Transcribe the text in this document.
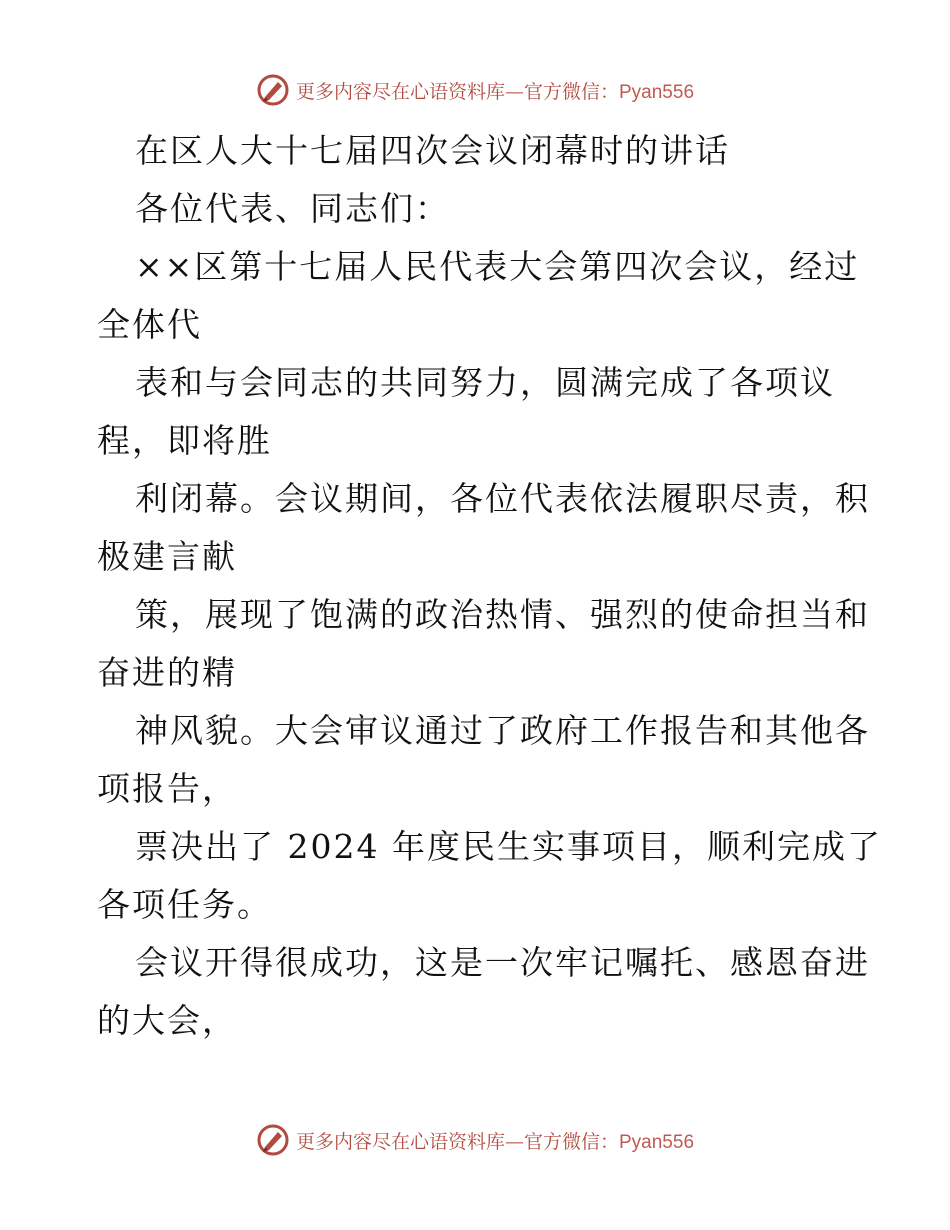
更多内容尽在心语资料库—官方微信：Pyan556
在区人大十七届四次会议闭幕时的讲话
各位代表、同志们：
××区第十七届人民代表大会第四次会议，经过
全体代
表和与会同志的共同努力，圆满完成了各项议
程，即将胜
利闭幕。会议期间，各位代表依法履职尽责，积
极建言献
策，展现了饱满的政治热情、强烈的使命担当和
奋进的精
神风貌。大会审议通过了政府工作报告和其他各
项报告，
票决出了 2024 年度民生实事项目，顺利完成了
各项任务。
会议开得很成功，这是一次牢记嘱托、感恩奋进
的大会，
更多内容尽在心语资料库—官方微信：Pyan556
